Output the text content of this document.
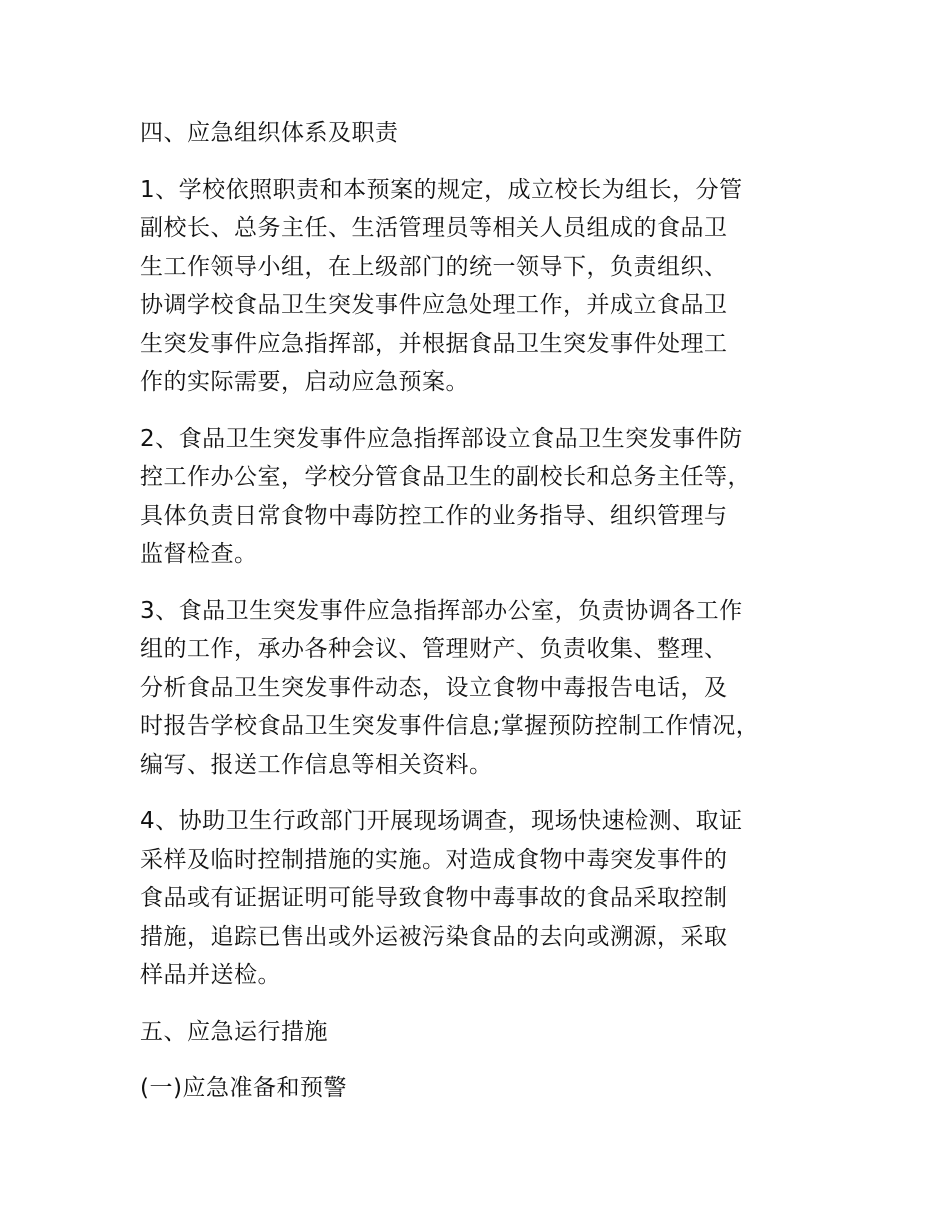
四、应急组织体系及职责
1、学校依照职责和本预案的规定，成立校长为组长，分管
副校长、总务主任、生活管理员等相关人员组成的食品卫
生工作领导小组，在上级部门的统一领导下，负责组织、
协调学校食品卫生突发事件应急处理工作，并成立食品卫
生突发事件应急指挥部，并根据食品卫生突发事件处理工
作的实际需要，启动应急预案。
2、食品卫生突发事件应急指挥部设立食品卫生突发事件防
控工作办公室，学校分管食品卫生的副校长和总务主任等，
具体负责日常食物中毒防控工作的业务指导、组织管理与
监督检查。
3、食品卫生突发事件应急指挥部办公室，负责协调各工作
组的工作，承办各种会议、管理财产、负责收集、整理、
分析食品卫生突发事件动态，设立食物中毒报告电话，及
时报告学校食品卫生突发事件信息;掌握预防控制工作情况，
编写、报送工作信息等相关资料。
4、协助卫生行政部门开展现场调查，现场快速检测、取证
采样及临时控制措施的实施。对造成食物中毒突发事件的
食品或有证据证明可能导致食物中毒事故的食品采取控制
措施，追踪已售出或外运被污染食品的去向或溯源，采取
样品并送检。
五、应急运行措施
(一)应急准备和预警
